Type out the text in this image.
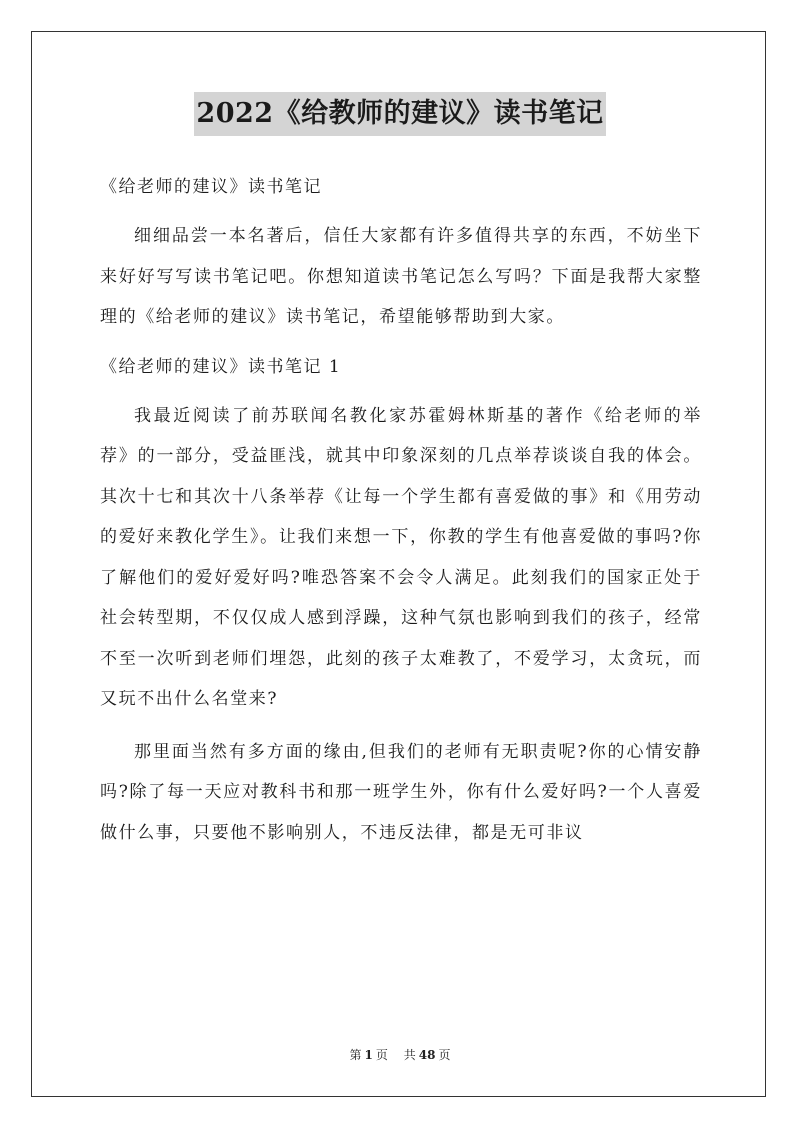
2022《给教师的建议》读书笔记
《给老师的建议》读书笔记

细细品尝一本名著后，信任大家都有许多值得共享的东西，不妨坐下来好好写写读书笔记吧。你想知道读书笔记怎么写吗？下面是我帮大家整理的《给老师的建议》读书笔记，希望能够帮助到大家。

《给老师的建议》读书笔记 1

我最近阅读了前苏联闻名教化家苏霍姆林斯基的著作《给老师的举荐》的一部分，受益匪浅，就其中印象深刻的几点举荐谈谈自我的体会。其次十七和其次十八条举荐《让每一个学生都有喜爱做的事》和《用劳动的爱好来教化学生》。让我们来想一下，你教的学生有他喜爱做的事吗?你了解他们的爱好爱好吗?唯恐答案不会令人满足。此刻我们的国家正处于社会转型期，不仅仅成人感到浮躁，这种气氛也影响到我们的孩子，经常不至一次听到老师们埋怨，此刻的孩子太难教了，不爱学习，太贪玩，而又玩不出什么名堂来?

那里面当然有多方面的缘由,但我们的老师有无职责呢?你的心情安静吗?除了每一天应对教科书和那一班学生外，你有什么爱好吗?一个人喜爱做什么事，只要他不影响别人，不违反法律，都是无可非议

第 1 页 共 48 页
